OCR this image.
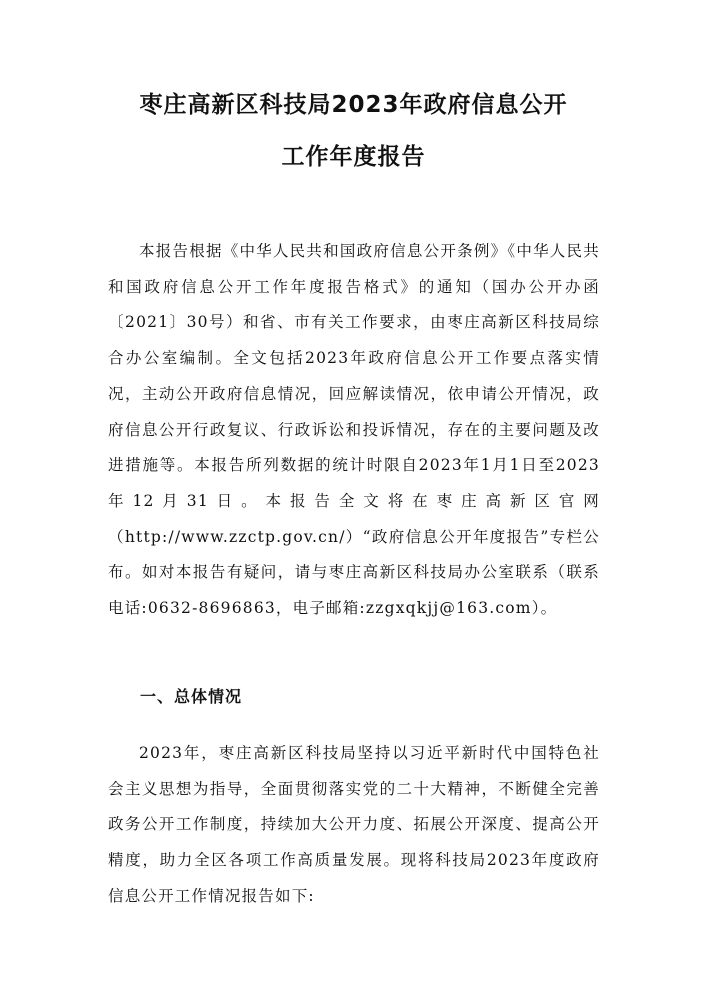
枣庄高新区科技局2023年政府信息公开
工作年度报告

本报告根据《中华人民共和国政府信息公开条例》《中华人民共和国政府信息公开工作年度报告格式》的通知（国办公开办函〔2021〕30号）和省、市有关工作要求，由枣庄高新区科技局综合办公室编制。全文包括2023年政府信息公开工作要点落实情况，主动公开政府信息情况，回应解读情况，依申请公开情况，政府信息公开行政复议、行政诉讼和投诉情况，存在的主要问题及改进措施等。本报告所列数据的统计时限自2023年1月1日至2023年12月31日。本报告全文将在枣庄高新区官网（http://www.zzctp.gov.cn/）“政府信息公开年度报告”专栏公布。如对本报告有疑问，请与枣庄高新区科技局办公室联系（联系电话:0632-8696863，电子邮箱:zzgxqkjj@163.com）。

一、总体情况

2023年，枣庄高新区科技局坚持以习近平新时代中国特色社会主义思想为指导，全面贯彻落实党的二十大精神，不断健全完善政务公开工作制度，持续加大公开力度、拓展公开深度、提高公开精度，助力全区各项工作高质量发展。现将科技局2023年度政府信息公开工作情况报告如下:
